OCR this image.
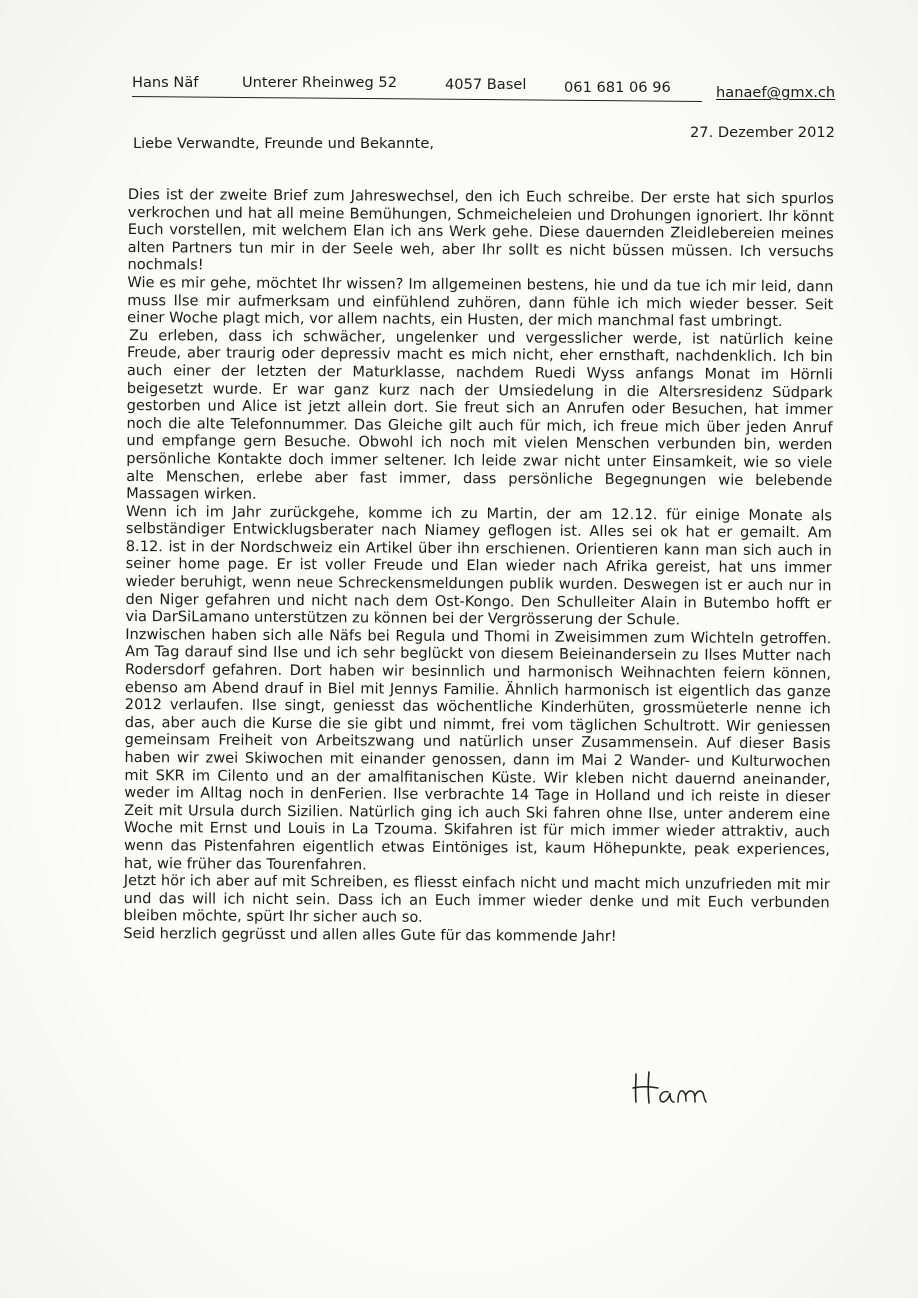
Hans Näf	Unterer Rheinweg 52	4057 Basel	061 681 06 96	hanaef@gmx.ch
27. Dezember 2012
Liebe Verwandte, Freunde und Bekannte,

Dies ist der zweite Brief zum Jahreswechsel, den ich Euch schreibe. Der erste hat sich spurlos verkrochen und hat all meine Bemühungen, Schmeicheleien und Drohungen ignoriert. Ihr könnt Euch vorstellen, mit welchem Elan ich ans Werk gehe. Diese dauernden Zleidlebereien meines alten Partners tun mir in der Seele weh, aber Ihr sollt es nicht büssen müssen. Ich versuchs nochmals!

Wie es mir gehe, möchtet Ihr wissen? Im allgemeinen bestens, hie und da tue ich mir leid, dann muss Ilse mir aufmerksam und einfühlend zuhören, dann fühle ich mich wieder besser. Seit einer Woche plagt mich, vor allem nachts, ein Husten, der mich manchmal fast umbringt.

Zu erleben, dass ich schwächer, ungelenker und vergesslicher werde, ist natürlich keine Freude, aber traurig oder depressiv macht es mich nicht, eher ernsthaft, nachdenklich. Ich bin auch einer der letzten der Maturklasse, nachdem Ruedi Wyss anfangs Monat im Hörnli beigesetzt wurde. Er war ganz kurz nach der Umsiedelung in die Altersresidenz Südpark gestorben und Alice ist jetzt allein dort. Sie freut sich an Anrufen oder Besuchen, hat immer noch die alte Telefonnummer. Das Gleiche gilt auch für mich, ich freue mich über jeden Anruf und empfange gern Besuche. Obwohl ich noch mit vielen Menschen verbunden bin, werden persönliche Kontakte doch immer seltener. Ich leide zwar nicht unter Einsamkeit, wie so viele alte Menschen, erlebe aber fast immer, dass persönliche Begegnungen wie belebende Massagen wirken.

Wenn ich im Jahr zurückgehe, komme ich zu Martin, der am 12.12. für einige Monate als selbständiger Entwicklugsberater nach Niamey geflogen ist. Alles sei ok hat er gemailt. Am 8.12. ist in der Nordschweiz ein Artikel über ihn erschienen. Orientieren kann man sich auch in seiner home page. Er ist voller Freude und Elan wieder nach Afrika gereist, hat uns immer wieder beruhigt, wenn neue Schreckensmeldungen publik wurden. Deswegen ist er auch nur in den Niger gefahren und nicht nach dem Ost-Kongo. Den Schulleiter Alain in Butembo hofft er via DarSiLamano unterstützen zu können bei der Vergrösserung der Schule.

Inzwischen haben sich alle Näfs bei Regula und Thomi in Zweisimmen zum Wichteln getroffen. Am Tag darauf sind Ilse und ich sehr beglückt von diesem Beieinandersein zu Ilses Mutter nach Rodersdorf gefahren. Dort haben wir besinnlich und harmonisch Weihnachten feiern können, ebenso am Abend drauf in Biel mit Jennys Familie. Ähnlich harmonisch ist eigentlich das ganze 2012 verlaufen. Ilse singt, geniesst das wöchentliche Kinderhüten, grossmüeterle nenne ich das, aber auch die Kurse die sie gibt und nimmt, frei vom täglichen Schultrott. Wir geniessen gemeinsam Freiheit von Arbeitszwang und natürlich unser Zusammensein. Auf dieser Basis haben wir zwei Skiwochen mit einander genossen, dann im Mai 2 Wander- und Kulturwochen mit SKR im Cilento und an der amalfitanischen Küste. Wir kleben nicht dauernd aneinander, weder im Alltag noch in denFerien. Ilse verbrachte 14 Tage in Holland und ich reiste in dieser Zeit mit Ursula durch Sizilien. Natürlich ging ich auch Ski fahren ohne Ilse, unter anderem eine Woche mit Ernst und Louis in La Tzouma. Skifahren ist für mich immer wieder attraktiv, auch wenn das Pistenfahren eigentlich etwas Eintöniges ist, kaum Höhepunkte, peak experiences, hat, wie früher das Tourenfahren.

Jetzt hör ich aber auf mit Schreiben, es fliesst einfach nicht und macht mich unzufrieden mit mir und das will ich nicht sein. Dass ich an Euch immer wieder denke und mit Euch verbunden bleiben möchte, spürt Ihr sicher auch so.

Seid herzlich gegrüsst und allen alles Gute für das kommende Jahr!
